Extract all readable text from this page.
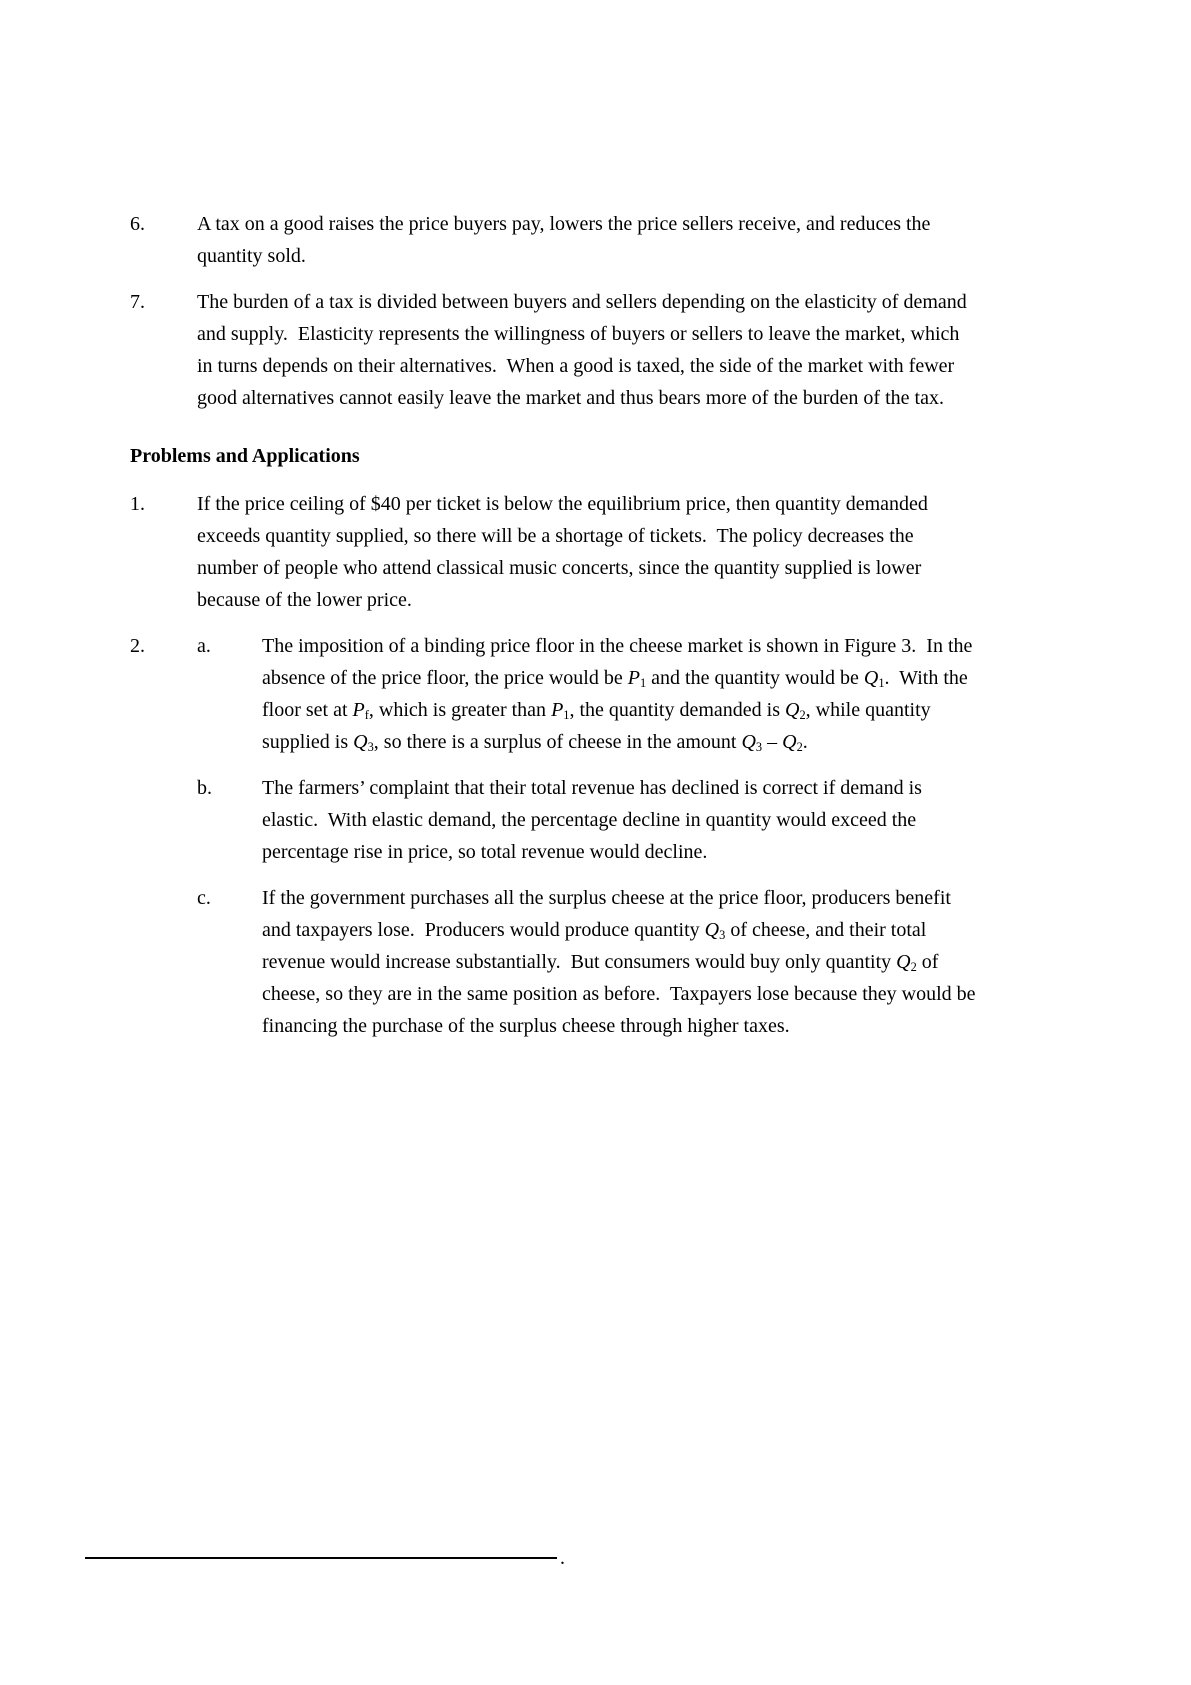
6.	A tax on a good raises the price buyers pay, lowers the price sellers receive, and reduces the quantity sold.
7.	The burden of a tax is divided between buyers and sellers depending on the elasticity of demand and supply.  Elasticity represents the willingness of buyers or sellers to leave the market, which in turns depends on their alternatives.  When a good is taxed, the side of the market with fewer good alternatives cannot easily leave the market and thus bears more of the burden of the tax.
Problems and Applications
1.	If the price ceiling of $40 per ticket is below the equilibrium price, then quantity demanded exceeds quantity supplied, so there will be a shortage of tickets.  The policy decreases the number of people who attend classical music concerts, since the quantity supplied is lower because of the lower price.
2.	a.	The imposition of a binding price floor in the cheese market is shown in Figure 3.  In the absence of the price floor, the price would be P1 and the quantity would be Q1.  With the floor set at Pf, which is greater than P1, the quantity demanded is Q2, while quantity supplied is Q3, so there is a surplus of cheese in the amount Q3 – Q2.
b.	The farmers’ complaint that their total revenue has declined is correct if demand is elastic.  With elastic demand, the percentage decline in quantity would exceed the percentage rise in price, so total revenue would decline.
c.	If the government purchases all the surplus cheese at the price floor, producers benefit and taxpayers lose.  Producers would produce quantity Q3 of cheese, and their total revenue would increase substantially.  But consumers would buy only quantity Q2 of cheese, so they are in the same position as before.  Taxpayers lose because they would be financing the purchase of the surplus cheese through higher taxes.
.
